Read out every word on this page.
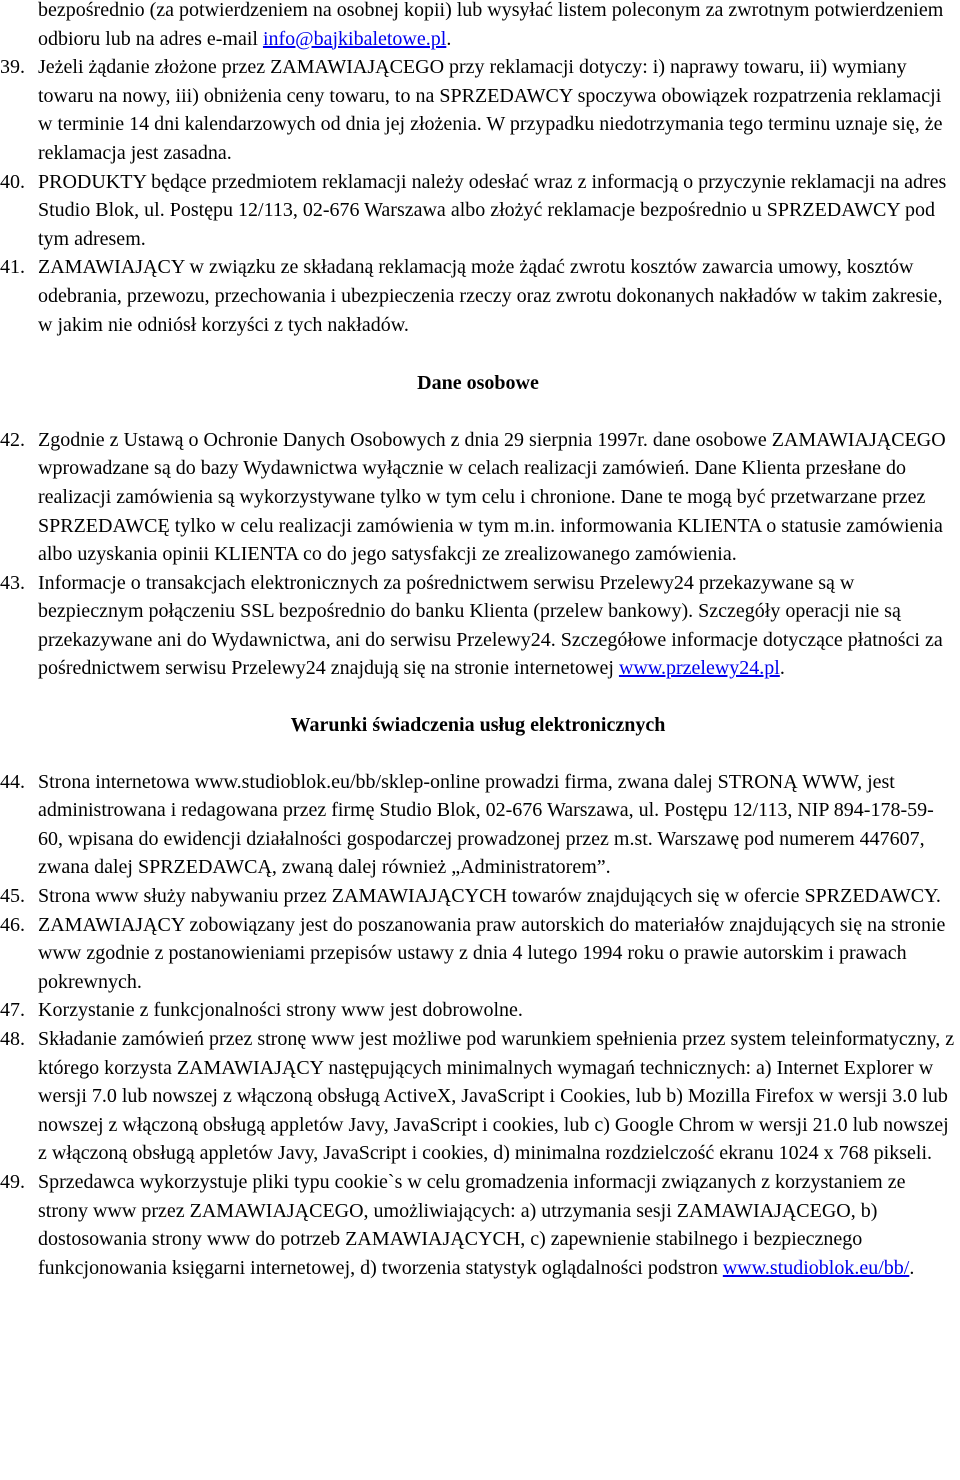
bezpośrednio (za potwierdzeniem na osobnej kopii) lub wysyłać listem poleconym za zwrotnym potwierdzeniem odbioru lub na adres e-mail info@bajkibaletowe.pl.
39. Jeżeli żądanie złożone przez ZAMAWIAJĄCEGO przy reklamacji dotyczy: i) naprawy towaru, ii) wymiany towaru na nowy, iii) obniżenia ceny towaru, to na SPRZEDAWCY spoczywa obowiązek rozpatrzenia reklamacji w terminie 14 dni kalendarzowych od dnia jej złożenia. W przypadku niedotrzymania tego terminu uznaje się, że reklamacja jest zasadna.
40. PRODUKTY będące przedmiotem reklamacji należy odesłać wraz z informacją o przyczynie reklamacji na adres Studio Blok, ul. Postępu 12/113, 02-676 Warszawa albo złożyć reklamacje bezpośrednio u SPRZEDAWCY pod tym adresem.
41. ZAMAWIAJĄCY w związku ze składaną reklamacją może żądać zwrotu kosztów zawarcia umowy, kosztów odebrania, przewozu, przechowania i ubezpieczenia rzeczy oraz zwrotu dokonanych nakładów w takim zakresie, w jakim nie odniósł korzyści z tych nakładów.
Dane osobowe
42. Zgodnie z Ustawą o Ochronie Danych Osobowych z dnia 29 sierpnia 1997r. dane osobowe ZAMAWIAJĄCEGO wprowadzane są do bazy Wydawnictwa wyłącznie w celach realizacji zamówień. Dane Klienta przesłane do realizacji zamówienia są wykorzystywane tylko w tym celu i chronione. Dane te mogą być przetwarzane przez SPRZEDAWCĘ tylko w celu realizacji zamówienia w tym m.in. informowania KLIENTA o statusie zamówienia albo uzyskania opinii KLIENTA co do jego satysfakcji ze zrealizowanego zamówienia.
43. Informacje o transakcjach elektronicznych za pośrednictwem serwisu Przelewy24 przekazywane są w bezpiecznym połączeniu SSL bezpośrednio do banku Klienta (przelew bankowy). Szczegóły operacji nie są przekazywane ani do Wydawnictwa, ani do serwisu Przelewy24. Szczegółowe informacje dotyczące płatności za pośrednictwem serwisu Przelewy24 znajdują się na stronie internetowej www.przelewy24.pl.
Warunki świadczenia usług elektronicznych
44. Strona internetowa www.studioblok.eu/bb/sklep-online prowadzi firma, zwana dalej STRONĄ WWW, jest administrowana i redagowana przez firmę Studio Blok, 02-676 Warszawa, ul. Postępu 12/113, NIP 894-178-59-60, wpisana do ewidencji działalności gospodarczej prowadzonej przez m.st. Warszawę pod numerem 447607, zwana dalej SPRZEDAWCĄ, zwaną dalej również „Administratorem”.
45. Strona www służy nabywaniu przez ZAMAWIAJĄCYCH towarów znajdujących się w ofercie SPRZEDAWCY.
46. ZAMAWIAJĄCY zobowiązany jest do poszanowania praw autorskich do materiałów znajdujących się na stronie www zgodnie z postanowieniami przepisów ustawy z dnia 4 lutego 1994 roku o prawie autorskim i prawach pokrewnych.
47. Korzystanie z funkcjonalności strony www jest dobrowolne.
48. Składanie zamówień przez stronę www jest możliwe pod warunkiem spełnienia przez system teleinformatyczny, z którego korzysta ZAMAWIAJĄCY następujących minimalnych wymagań technicznych: a) Internet Explorer w wersji 7.0 lub nowszej z włączoną obsługą ActiveX, JavaScript i Cookies, lub b) Mozilla Firefox w wersji 3.0 lub nowszej z włączoną obsługą appletów Javy, JavaScript i cookies, lub c) Google Chrom w wersji 21.0 lub nowszej z włączoną obsługą appletów Javy, JavaScript i cookies, d) minimalna rozdzielczość ekranu 1024 x 768 pikseli.
49. Sprzedawca wykorzystuje pliki typu cookie`s w celu gromadzenia informacji związanych z korzystaniem ze strony www przez ZAMAWIAJĄCEGO, umożliwiających: a) utrzymania sesji ZAMAWIAJĄCEGO, b) dostosowania strony www do potrzeb ZAMAWIAJĄCYCH, c) zapewnienie stabilnego i bezpiecznego funkcjonowania księgarni internetowej, d) tworzenia statystyk oglądalności podstron www.studioblok.eu/bb/.
